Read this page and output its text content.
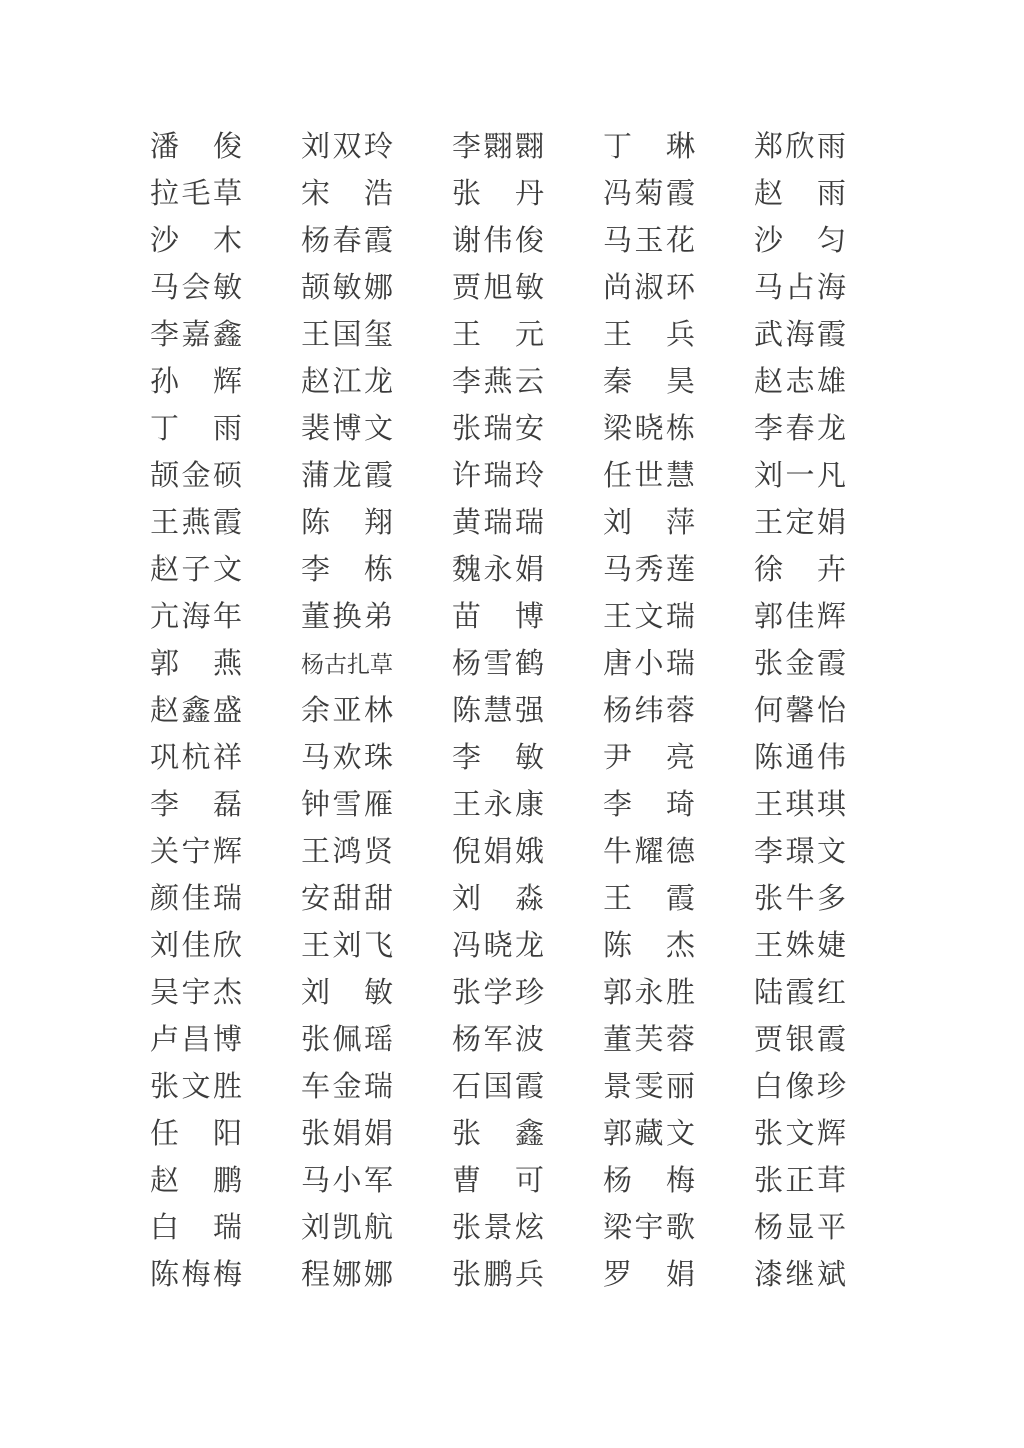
潘俊 刘双玲 李翾翾 丁琳 郑欣雨
拉毛草 宋浩 张丹 冯菊霞 赵雨
沙木 杨春霞 谢伟俊 马玉花 沙匀
马会敏 颉敏娜 贾旭敏 尚淑环 马占海
李嘉鑫 王国玺 王元 王兵 武海霞
孙辉 赵江龙 李燕云 秦昊 赵志雄
丁雨 裴博文 张瑞安 梁晓栋 李春龙
颉金硕 蒲龙霞 许瑞玲 任世慧 刘一凡
王燕霞 陈翔 黄瑞瑞 刘萍 王定娟
赵子文 李栋 魏永娟 马秀莲 徐卉
亢海年 董换弟 苗博 王文瑞 郭佳辉
郭燕	杨古扎草 杨雪鹤 唐小瑞 张金霞
赵鑫盛 余亚林 陈慧强 杨纬蓉 何馨怡
巩杭祥 马欢珠 李敏 尹亮 陈通伟
李磊 钟雪雁 王永康 李琦 王琪琪
关宁辉 王鸿贤 倪娟娥 牛耀德 李璟文
颜佳瑞 安甜甜 刘淼 王霞 张牛多
刘佳欣 王刘飞 冯晓龙 陈杰 王姝婕
吴宇杰 刘敏 张学珍 郭永胜 陆霞红
卢昌博 张佩瑶 杨军波 董芙蓉 贾银霞
张文胜 车金瑞 石国霞 景雯丽 白像珍
任阳 张娟娟 张鑫 郭藏文 张文辉
赵鹏 马小军 曹可 杨梅 张正茸
白瑞 刘凯航 张景炫 梁宇歌 杨显平
陈梅梅 程娜娜 张鹏兵 罗娟 漆继斌
